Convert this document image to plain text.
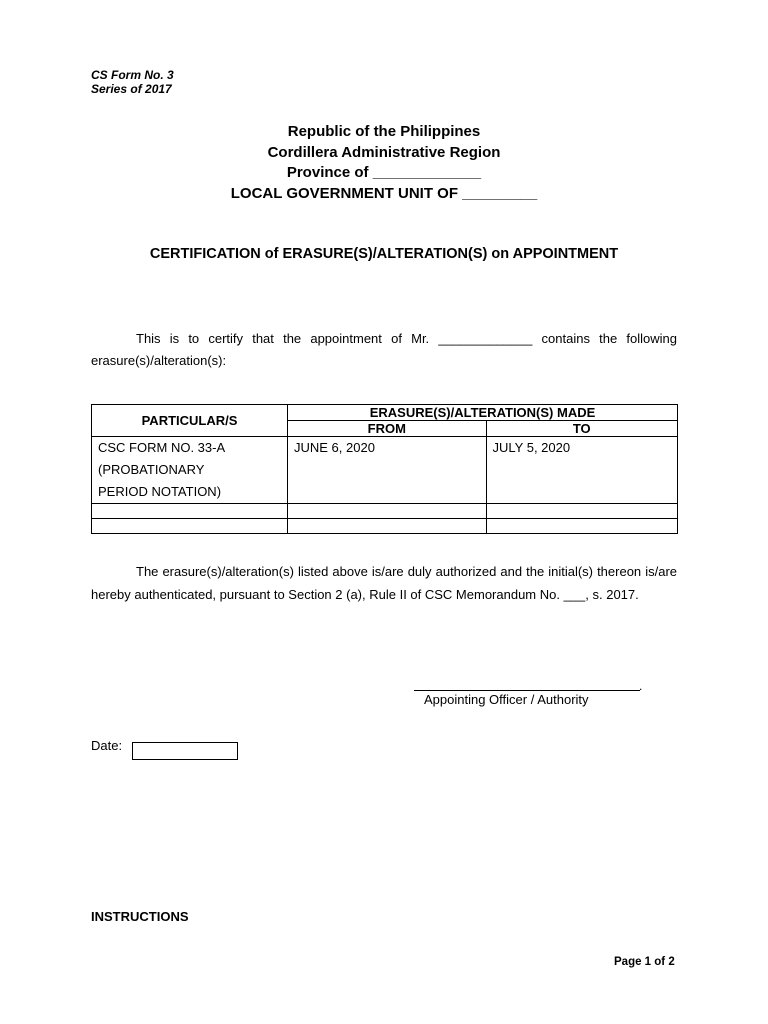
CS Form No. 3
Series of 2017
Republic of the Philippines
Cordillera Administrative Region
Province of _____________
LOCAL GOVERNMENT UNIT OF _________
CERTIFICATION of ERASURE(S)/ALTERATION(S) on APPOINTMENT
This is to certify that the appointment of Mr. _____________ contains the following erasure(s)/alteration(s):
PARTICULAR/S	ERASURE(S)/ALTERATION(S) MADE	
	FROM	TO

CSC FORM NO. 33-A
(PROBATIONARY
PERIOD NOTATION)	JUNE 6, 2020	JULY 5, 2020

The erasure(s)/alteration(s) listed above is/are duly authorized and the initial(s) thereon is/are hereby authenticated, pursuant to Section 2 (a), Rule II of CSC Memorandum No. ___, s. 2017.
.
Appointing Officer / Authority
Date:
INSTRUCTIONS
Page 1 of 2
